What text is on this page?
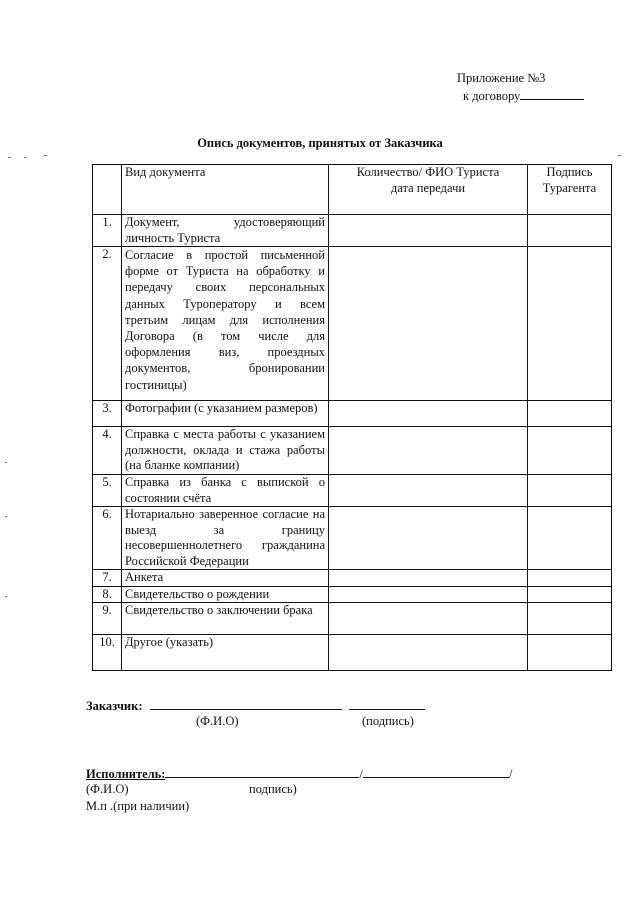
Приложение №3
к договору
Опись документов, принятых от Заказчика
	Вид документа	Количество/ ФИО Туриста дата передачи	Подпись Турагента

1.	Документ, удостоверяющий личность Туриста		
2.	Согласие в простой письменной форме от Туриста на обработку и передачу своих персональных данных Туроператору и всем третьим лицам для исполнения Договора (в том числе для оформления виз, проездных документов, бронировании гостиницы)		
3.	Фотографии (с указанием размеров)		
4.	Справка с места работы с указанием должности, оклада и стажа работы (на бланке компании)		
5.	Справка из банка с выпиской о состоянии счёта		
6.	Нотариально заверенное согласие на выезд за границу несовершеннолетнего гражданина Российской Федерации		
7.	Анкета		
8.	Свидетельство о рождении		
9.	Свидетельство о заключении брака		
10.	Другое (указать)		
Заказчик:
(Ф.И.О)	(подпись)
Исполнитель:	/	/
(Ф.И.О)	подпись)
М.п .(при наличии)
